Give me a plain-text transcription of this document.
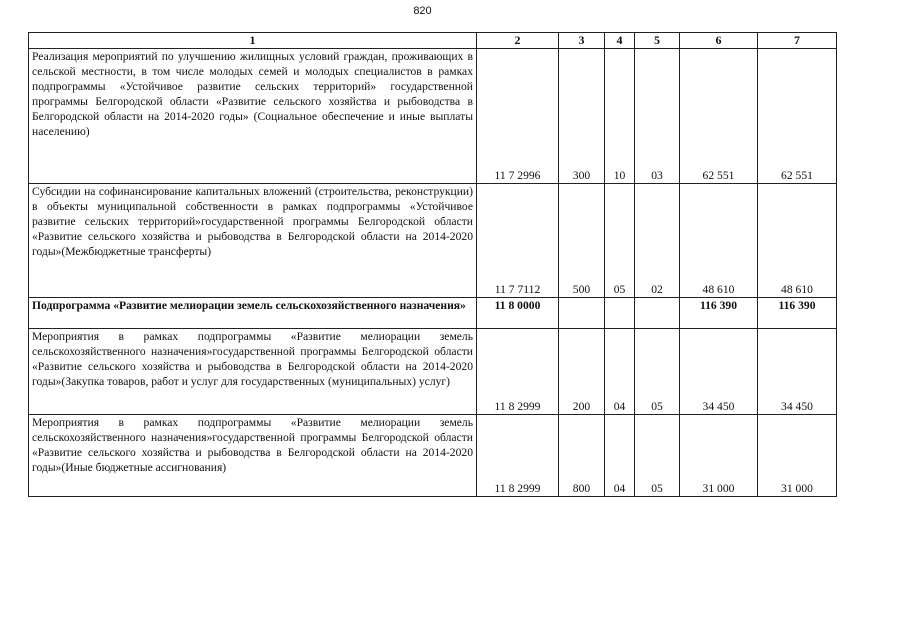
820
1	2	3	4	5	6	7
Реализация мероприятий по улучшению жилищных условий граждан, проживающих в сельской местности, в том числе молодых семей и молодых специалистов в рамках подпрограммы «Устойчивое развитие сельских территорий» государственной программы Белгородской области «Развитие сельского хозяйства и рыбоводства в Белгородской области на 2014-2020 годы» (Социальное обеспечение и иные выплаты населению)	11 7 2996	300	10	03	62 551	62 551
Субсидии на софинансирование капитальных вложений (строительства, реконструкции) в объекты муниципальной собственности в рамках подпрограммы «Устойчивое развитие сельских территорий»государственной программы Белгородской области «Развитие сельского хозяйства и рыбоводства в Белгородской области на 2014-2020 годы»(Межбюджетные трансферты)	11 7 7112	500	05	02	48 610	48 610
Подпрограмма «Развитие мелиорации земель сельскохозяйственного назначения»	11 8 0000				116 390	116 390
Мероприятия в рамках подпрограммы «Развитие мелиорации земель сельскохозяйственного назначения»государственной программы Белгородской области «Развитие сельского хозяйства и рыбоводства в Белгородской области на 2014-2020 годы»(Закупка товаров, работ и услуг для государственных (муниципальных) услуг)	11 8 2999	200	04	05	34 450	34 450
Мероприятия в рамках подпрограммы «Развитие мелиорации земель сельскохозяйственного назначения»государственной программы Белгородской области «Развитие сельского хозяйства и рыбоводства в Белгородской области на 2014-2020 годы»(Иные бюджетные ассигнования)	11 8 2999	800	04	05	31 000	31 000
